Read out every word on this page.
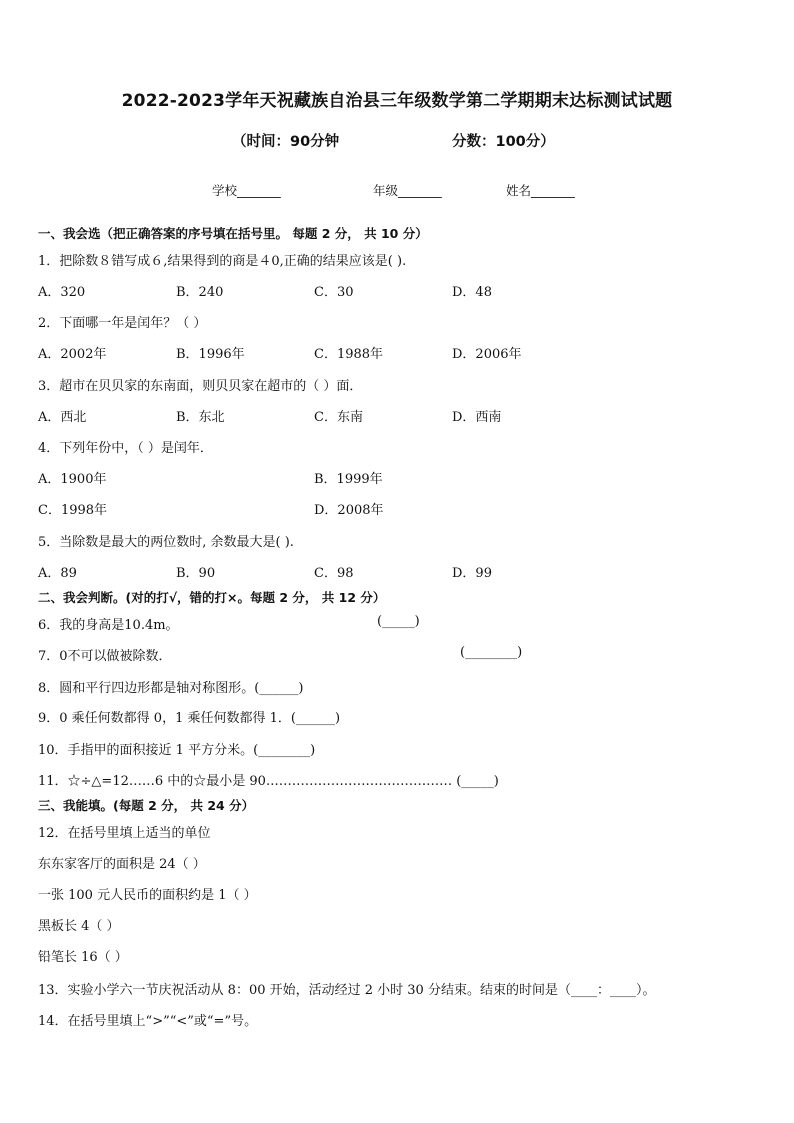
2022-2023学年天祝藏族自治县三年级数学第二学期期末达标测试试题
（时间：90分钟	分数：100分）
学校_______	年级_______	姓名_______
一、我会选（把正确答案的序号填在括号里。 每题 2 分， 共 10 分）
1．把除数８错写成６,结果得到的商是４0,正确的结果应该是( ).
A．320	B．240	C．30	D．48
2．下面哪一年是闰年？（ ）
A．2002年	B．1996年	C．1988年	D．2006年
3．超市在贝贝家的东南面，则贝贝家在超市的（ ）面．
A．西北	B．东北	C．东南	D．西南
4．下列年份中，（ ）是闰年．
A．1900年	B．1999年
C．1998年	D．2008年
5．当除数是最大的两位数时, 余数最大是( ).
A．89	B．90	C．98	D．99
二、我会判断。(对的打√，错的打×。每题 2 分， 共 12 分）
6．我的身高是10.4m。	(_____)
7．0不可以做被除数．	(________)
8．圆和平行四边形都是轴对称图形。(______)
9．0 乘任何数都得 0，1 乘任何数都得 1．(______)
10．手指甲的面积接近 1 平方分米。(________)
11．☆÷△=12……6 中的☆最小是 90.…………………………………… (_____)
三、我能填。(每题 2 分， 共 24 分）
12．在括号里填上适当的单位
东东家客厅的面积是 24（ ）
一张 100 元人民币的面积约是 1（ ）
黑板长 4（ ）
铅笔长 16（ ）
13．实验小学六一节庆祝活动从 8：00 开始，活动经过 2 小时 30 分结束。结束的时间是（____：____）。
14．在括号里填上“>”“<”或“=”号。
